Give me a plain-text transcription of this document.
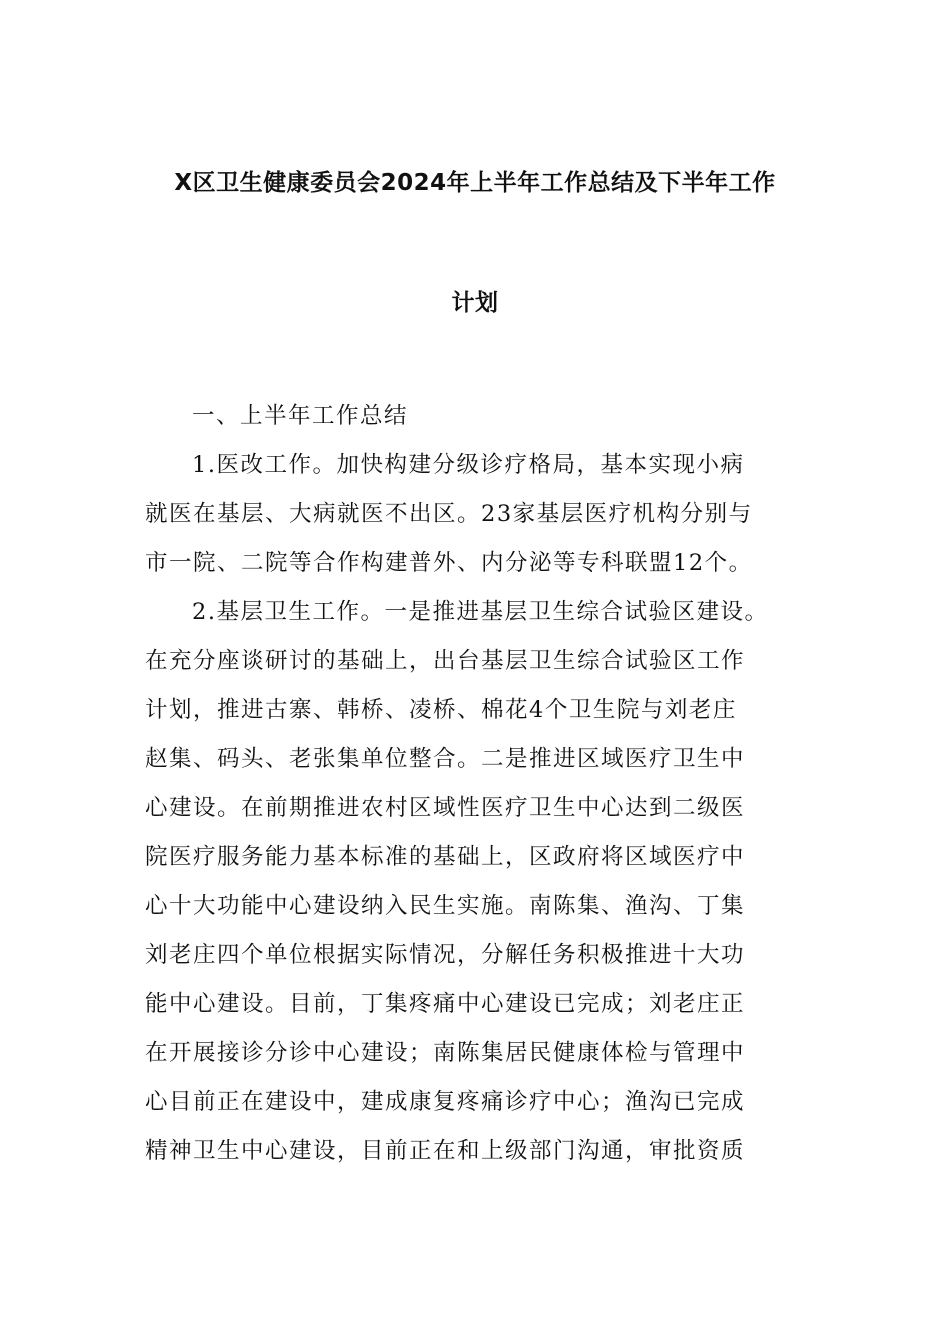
X区卫生健康委员会2024年上半年工作总结及下半年工作
计划
一、上半年工作总结
1.医改工作。加快构建分级诊疗格局，基本实现小病
就医在基层、大病就医不出区。23家基层医疗机构分别与
市一院、二院等合作构建普外、内分泌等专科联盟12个。
2.基层卫生工作。一是推进基层卫生综合试验区建设。
在充分座谈研讨的基础上，出台基层卫生综合试验区工作
计划，推进古寨、韩桥、凌桥、棉花4个卫生院与刘老庄
赵集、码头、老张集单位整合。二是推进区域医疗卫生中
心建设。在前期推进农村区域性医疗卫生中心达到二级医
院医疗服务能力基本标准的基础上，区政府将区域医疗中
心十大功能中心建设纳入民生实施。南陈集、渔沟、丁集
刘老庄四个单位根据实际情况，分解任务积极推进十大功
能中心建设。目前，丁集疼痛中心建设已完成；刘老庄正
在开展接诊分诊中心建设；南陈集居民健康体检与管理中
心目前正在建设中，建成康复疼痛诊疗中心；渔沟已完成
精神卫生中心建设，目前正在和上级部门沟通，审批资质
